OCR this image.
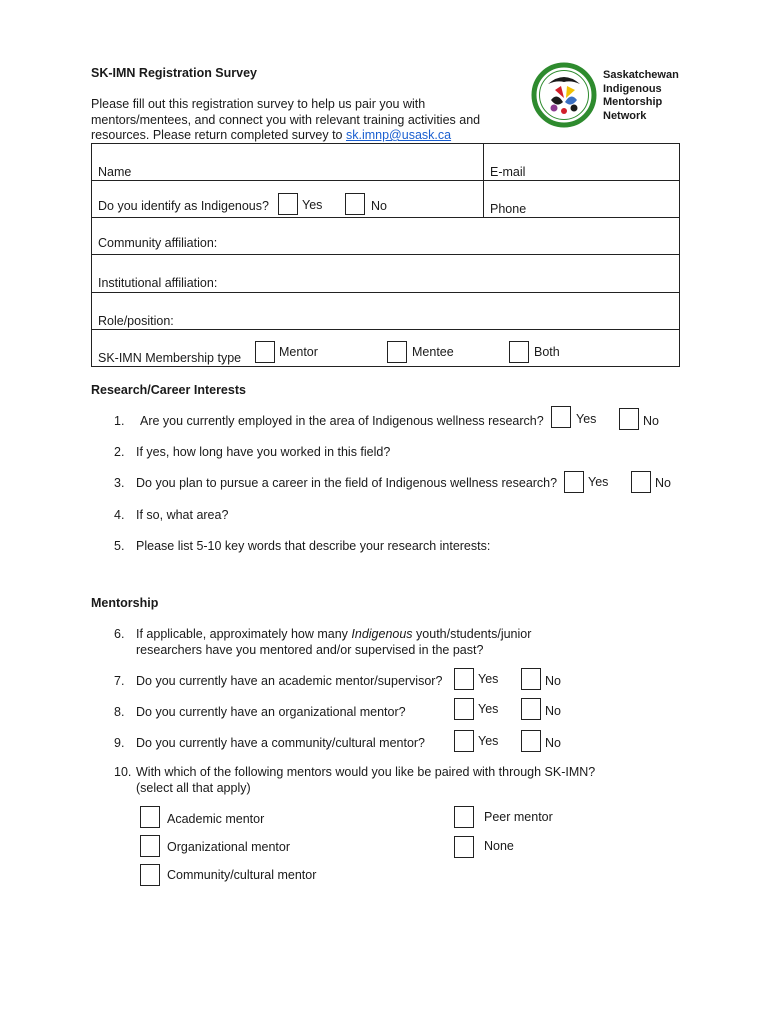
SK-IMN Registration Survey
Please fill out this registration survey to help us pair you with
mentors/mentees, and connect you with relevant training activities and
resources. Please return completed survey to sk.imnp@usask.ca
Saskatchewan
Indigenous
Mentorship
Network
Name	E-mail
Do you identify as Indigenous?	Yes	No	Phone
Community affiliation:
Institutional affiliation:
Role/position:
SK-IMN Membership type	Mentor	Mentee	Both
Research/Career Interests
1. Are you currently employed in the area of Indigenous wellness research?	Yes	No
2. If yes, how long have you worked in this field?
3. Do you plan to pursue a career in the field of Indigenous wellness research? Yes	No
4. If so, what area?
5. Please list 5-10 key words that describe your research interests:
Mentorship
6. If applicable, approximately how many Indigenous youth/students/junior
researchers have you mentored and/or supervised in the past?
7. Do you currently have an academic mentor/supervisor?	Yes	No
8. Do you currently have an organizational mentor?	Yes	No
9. Do you currently have a community/cultural mentor?	Yes	No
10. With which of the following mentors would you like be paired with through SK-IMN?
(select all that apply)
Academic mentor
Organizational mentor
Community/cultural mentor
Peer mentor
None
